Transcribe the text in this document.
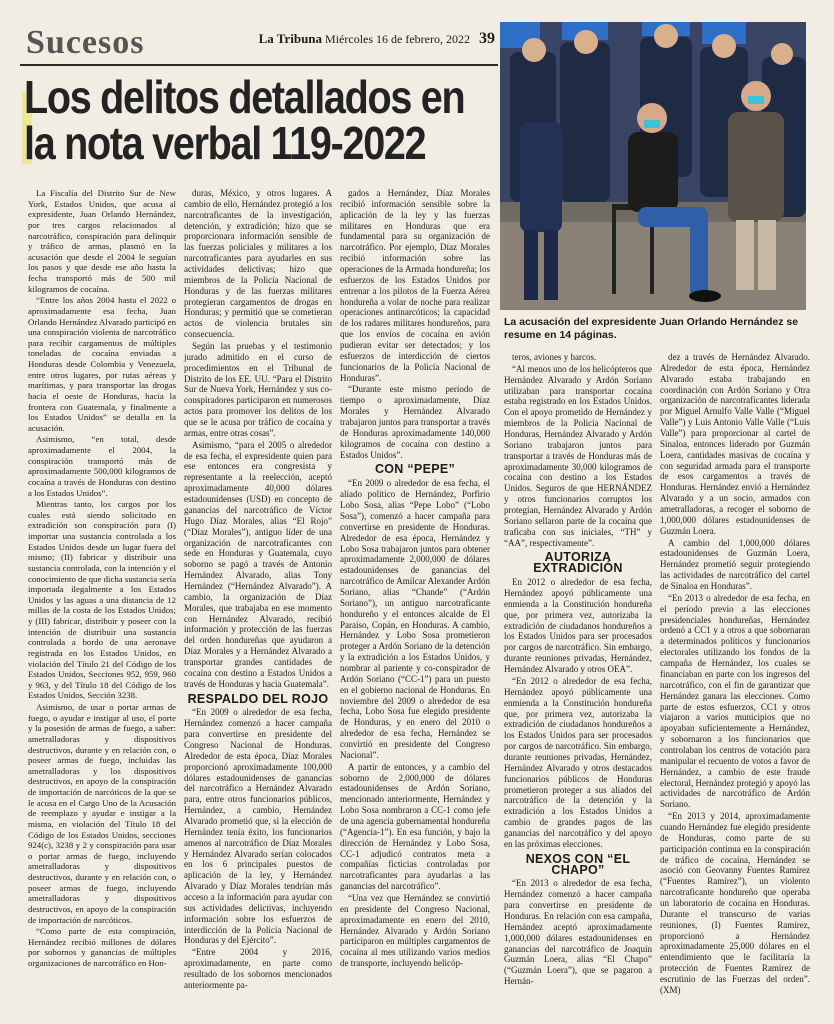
Sucesos	La Tribuna Miércoles 16 de febrero, 2022 39
Los delitos detallados en la nota verbal 119-2022
La acusación del expresidente Juan Orlando Hernández se resume en 14 páginas.

La Fiscalía del Distrito Sur de New York, Estados Unidos, que acusa al expresidente, Juan Orlando Hernández, por tres cargos relacionados al narcotráfico, conspiración para delinquir y tráfico de armas, plasmó en la acusación que desde el 2004 le seguían los pasos y que desde ese año hasta la fecha transportó más de 500 mil kilogramos de cocaína.

“Entre los años 2004 hasta el 2022 o aproximadamente esa fecha, Juan Orlando Hernández Alvarado participó en una conspiración violenta de narcotráfico para recibir cargamentos de múltiples toneladas de cocaína enviadas a Honduras desde Colombia y Venezuela, entre otros lugares, por rutas aéreas y marítimas, y para transportar las drogas hacia el oeste de Honduras, hacia la frontera con Guatemala, y finalmente a los Estados Unidos” se detalla en la acusación.

Asimismo, “en total, desde aproximadamente el 2004, la conspiración transportó más de aproximadamente 500,000 kilogramos de cocaína a través de Honduras con destino a los Estados Unidos”.

Mientras tanto, los cargos por los cuales está siendo solicitado en extradición son conspiración para (I) importar una sustancia controlada a los Estados Unidos desde un lugar fuera del mismo; (II) fabricar y distribuir una sustancia controlada, con la intención y el conocimiento de que dicha sustancia sería importada ilegalmente a los Estados Unidos y las aguas a una distancia de 12 millas de la costa de los Estados Unidos; y (III) fabricar, distribuir y poseer con la intención de distribuir una sustancia controlada a bordo de una aeronave registrada en los Estados Unidos, en violación del Título 21 del Código de los Estados Unidos, Secciones 952, 959, 960 y 963, y del Título 18 del Código de los Estados Unidos, Sección 3238.

Asimismo, de usar o portar armas de fuego, o ayudar e instigar al uso, el porte y la posesión de armas de fuego, a saber: ametralladoras y dispositivos destructivos, durante y en relación con, o poseer armas de fuego, incluidas las ametralladoras y los dispositivos destructivos, en apoyo de la conspiración de importación de narcóticos de la que se le acusa en el Cargo Uno de la Acusación de reemplazo y ayudar e instigar a la misma, en violación del Título 18 del Código de los Estados Unidos, secciones 924(c), 3238 y 2 y conspiración para usar o portar armas de fuego, incluyendo ametralladoras y dispositivos destructivos, durante y en relación con, o poseer armas de fuego, incluyendo ametralladoras y dispositivos destructivos, en apoyo de la conspiración de importación de narcóticos.

“Como parte de esta conspiración, Hernández recibió millones de dólares por sobornos y ganancias de múltiples organizaciones de narcotráfico en Hon-

duras, México, y otros lugares. A cambio de ello, Hernández protegió a los narcotraficantes de la investigación, detención, y extradición; hizo que se proporcionara información sensible de las fuerzas policiales y militares a los narcotraficantes para ayudarles en sus actividades delictivas; hizo que miembros de la Policía Nacional de Honduras y de las fuerzas militares protegieran cargamentos de drogas en Honduras; y permitió que se cometieran actos de violencia brutales sin consecuencia.

Según las pruebas y el testimonio jurado admitido en el curso de procedimientos en el Tribunal de Distrito de los EE. UU. “Para el Distrito Sur de Nueva York, Hernández y sus co-conspiradores participaron en numerosos actos para promover los delitos de los que se le acusa por tráfico de cocaína y armas, entre otras cosas”.

Asimismo, “para el 2005 o alrededor de esa fecha, el expresidente quien para ese entonces era congresista y representante a la reelección, aceptó aproximadamente 40,000 dólares estadounidenses (USD) en concepto de ganancias del narcotráfico de Víctor Hugo Díaz Morales, alias “El Rojo” (“Díaz Morales”), antiguo líder de una organización de narcotraficantes con sede en Honduras y Guatemala, cuyo soborno se pagó a través de Antonio Hernández Alvarado, alias Tony Hernández (“Hernández Alvarado”). A cambio, la organización de Díaz Morales, que trabajaba en ese momento con Hernández Alvarado, recibió información y protección de las fuerzas del orden hondureñas que ayudaron a Díaz Morales y a Hernández Alvarado a transportar grandes cantidades de cocaína con destino a Estados Unidos a través de Honduras y hacia Guatemala”.

RESPALDO DEL ROJO

“En 2009 o alrededor de esa fecha, Hernández comenzó a hacer campaña para convertirse en presidente del Congreso Nacional de Honduras. Alrededor de esta época, Díaz Morales proporcionó aproximadamente 100,000 dólares estadounidenses de ganancias del narcotráfico a Hernández Alvarado para, entre otros funcionarios públicos, Hernández, a cambio, Hernández Alvarado prometió que, si la elección de Hernández tenía éxito, los funcionarios amenos al narcotráfico de Díaz Morales y Hernández Alvarado serían colocados en los 6 principales puestos de aplicación de la ley, y Hernández Alvarado y Díaz Morales tendrían más acceso a la información para ayudar con sus actividades delictivas, incluyendo información sobre los esfuerzos de interdicción de la Policía Nacional de Honduras y del Ejército”.

“Entre 2004 y 2016, aproximadamente, en parte como resultado de los sobornos mencionados anteriormente pa-

gados a Hernández, Díaz Morales recibió información sensible sobre la aplicación de la ley y las fuerzas militares en Honduras que era fundamental para su organización de narcotráfico. Por ejemplo, Díaz Morales recibió información sobre las operaciones de la Armada hondureña; los esfuerzos de los Estados Unidos por entrenar a los pilotos de la Fuerza Aérea hondureña a volar de noche para realizar operaciones antinarcóticos; la capacidad de los radares militares hondureños, para que los envíos de cocaína en avión pudieran evitar ser detectados; y los esfuerzos de interdicción de ciertos funcionarios de la Policía Nacional de Honduras”.

“Durante este mismo período de tiempo o aproximadamente, Díaz Morales y Hernández Alvarado trabajaron juntos para transportar a través de Honduras aproximadamente 140,000 kilogramos de cocaína con destino a Estados Unidos”.

CON “PEPE”

“En 2009 o alrededor de esa fecha, el aliado político de Hernández, Porfirio Lobo Sosa, alias “Pepe Lobo” (“Lobo Sosa”), comenzó a hacer campaña para convertirse en presidente de Honduras. Alrededor de esa época, Hernández y Lobo Sosa trabajaron juntos para obtener aproximadamente 2,000,000 de dólares estadounidenses de ganancias del narcotráfico de Amílcar Alexander Ardón Soriano, alias “Chande” (“Ardón Soriano”), un antiguo narcotraficante hondureño y el entonces alcalde de El Paraíso, Copán, en Honduras. A cambio, Hernández y Lobo Sosa prometieron proteger a Ardón Soriano de la detención y la extradición a los Estados Unidos, y nombrar al pariente y co-conspirador de Ardón Soriano (“CC-1”) para un puesto en el gobierno nacional de Honduras. En noviembre del 2009 o alrededor de esa fecha, Lobo Sosa fue elegido presidente de Honduras, y en enero del 2010 o alrededor de esa fecha, Hernández se convirtió en presidente del Congreso Nacional”.

A partir de entonces, y a cambio del soborno de 2,000,000 de dólares estadounidenses de Ardón Soriano, mencionado anteriormente, Hernández y Lobo Sosa nombraron a CC-1 como jefe de una agencia gubernamental hondureña (“Agencia-1”). En esa función, y bajo la dirección de Hernández y Lobo Sosa, CC-1 adjudicó contratos meta a compañías ficticias controladas por narcotraficantes para ayudarlas a las ganancias del narcotráfico”.

“Una vez que Hernández se convirtió en presidente del Congreso Nacional, aproximadamente en enero del 2010, Hernández Alvarado y Ardón Soriano participaron en múltiples cargamentos de cocaína al mes utilizando varios medios de transporte, incluyendo helicóp-

teros, aviones y barcos.

“Al menos uno de los helicópteros que Hernández Alvarado y Ardón Soriano utilizaban para transportar cocaína estaba registrado en los Estados Unidos. Con el apoyo prometido de Hernández y miembros de la Policía Nacional de Honduras, Hernández Alvarado y Ardón Soriano trabajaron juntos para transportar a través de Honduras más de aproximadamente 30,000 kilogramos de cocaína con destino a los Estados Unidos. Seguros de que HERNÁNDEZ y otros funcionarios corruptos los protegían, Hernández Alvarado y Ardón Soriano sellaron parte de la cocaína que traficaba con sus iniciales, “TH” y “AA”, respectivamente”.

AUTORIZA EXTRADICIÓN

En 2012 o alrededor de esa fecha, Hernández apoyó públicamente una enmienda a la Constitución hondureña que, por primera vez, autorizaba la extradición de ciudadanos hondureños a los Estados Unidos para ser procesados por cargos de narcotráfico. Sin embargo, durante reuniones privadas, Hernández, Hernández Alvarado y otros OEA”.

“En 2012 o alrededor de esa fecha, Hernández apoyó públicamente una enmienda a la Constitución hondureña que, por primera vez, autorizaba la extradición de ciudadanos hondureños a los Estados Unidos para ser procesados por cargos de narcotráfico. Sin embargo, durante reuniones privadas, Hernández, Hernández Alvarado y otros destacados funcionarios públicos de Honduras prometieron proteger a sus aliados del narcotráfico de la detención y la extradición a los Estados Unidos a cambio de grandes pagos de las ganancias del narcotráfico y del apoyo en las próximas elecciones.

NEXOS CON “EL CHAPO”

“En 2013 o alrededor de esa fecha, Hernández comenzó a hacer campaña para convertirse en presidente de Honduras. En relación con esa campaña, Hernández aceptó aproximadamente 1,000,000 dólares estadounidenses en ganancias del narcotráfico de Joaquín Guzmán Loera, alias “El Chapo” (“Guzmán Loera”), que se pagaron a Hernán-

dez a través de Hernández Alvarado. Alrededor de esta época, Hernández Alvarado estaba trabajando en coordinación con Ardón Soriano y Otra organización de narcotraficantes liderada por Miguel Arnulfo Valle Valle (“Miguel Valle”) y Luis Antonio Valle Valle (“Luis Valle”) para proporcionar al cartel de Sinaloa, entonces liderado por Guzmán Loera, cantidades masivas de cocaína y con seguridad armada para el transporte de esos cargamentos a través de Honduras. Hernández envió a Hernández Alvarado y a un socio, armados con ametralladoras, a recoger el soborno de 1,000,000 dólares estadounidenses de Guzmán Loera.

A cambio del 1,000,000 dólares estadounidenses de Guzmán Loera, Hernández prometió seguir protegiendo las actividades de narcotráfico del cartel de Sinaloa en Honduras”.

“En 2013 o alrededor de esa fecha, en el período previo a las elecciones presidenciales hondureñas, Hernández ordenó a CC1 y a otros a que sobornaran a determinados políticos y funcionarios electorales utilizando los fondos de la campaña de Hernández, los cuales se financiaban en parte con los ingresos del narcotráfico, con el fin de garantizar que Hernández ganara las elecciones. Como parte de estos esfuerzos, CC1 y otros viajaron a varios municipios que no apoyaban suficientemente a Hernández, y sobornaron a los funcionarios que controlaban los centros de votación para manipular el recuento de votos a favor de Hernández, a cambio de este fraude electoral, Hernández protegió y apoyó las actividades de narcotráfico de Ardón Soriano.

“En 2013 y 2014, aproximadamente cuando Hernández fue elegido presidente de Honduras, como parte de su participación continua en la conspiración de tráfico de cocaína, Hernández se asoció con Geovanny Fuentes Ramírez (“Fuentes Ramírez”), un violento narcotraficante hondureño que operaba un laboratorio de cocaína en Honduras. Durante el transcurso de varias reuniones, (I) Fuentes Ramírez, proporcionó a Hernández aproximadamente 25,000 dólares en el entendimiento que le facilitaría la protección de Fuentes Ramírez de escrutinio de las Fuerzas del orden”. (XM)
